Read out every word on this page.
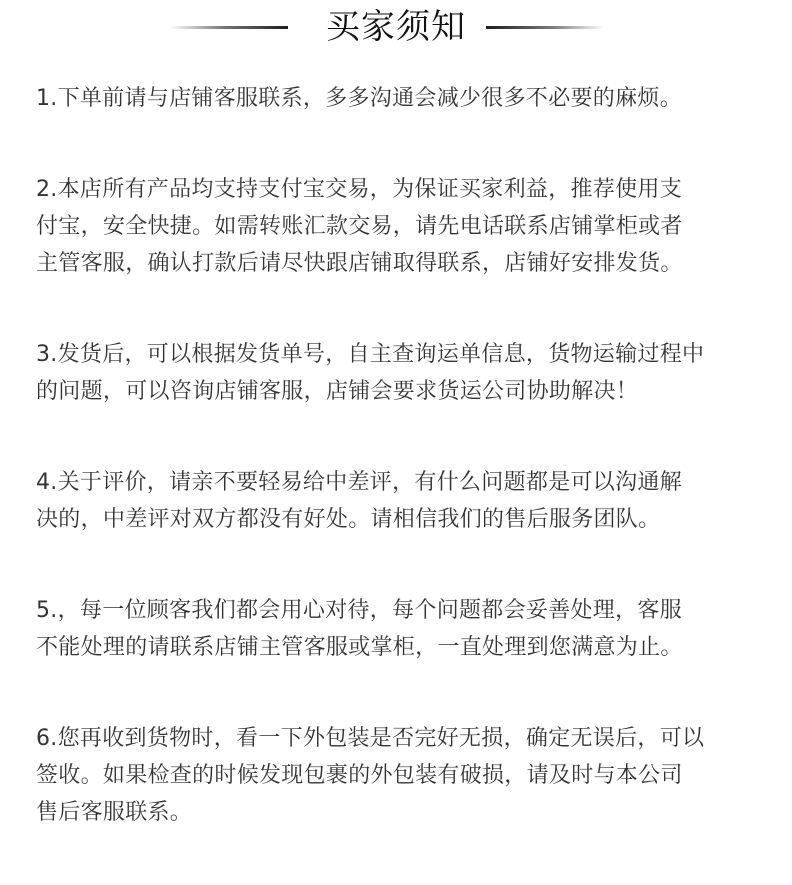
买家须知

1.下单前请与店铺客服联系，多多沟通会减少很多不必要的麻烦。

2.本店所有产品均支持支付宝交易，为保证买家利益，推荐使用支
付宝，安全快捷。如需转账汇款交易，请先电话联系店铺掌柜或者
主管客服，确认打款后请尽快跟店铺取得联系，店铺好安排发货。

3.发货后，可以根据发货单号，自主查询运单信息，货物运输过程中
的问题，可以咨询店铺客服，店铺会要求货运公司协助解决！

4.关于评价，请亲不要轻易给中差评，有什么问题都是可以沟通解
决的，中差评对双方都没有好处。请相信我们的售后服务团队。

5.，每一位顾客我们都会用心对待，每个问题都会妥善处理，客服
不能处理的请联系店铺主管客服或掌柜，一直处理到您满意为止。

6.您再收到货物时，看一下外包装是否完好无损，确定无误后，可以
签收。如果检查的时候发现包裹的外包装有破损，请及时与本公司
售后客服联系。
